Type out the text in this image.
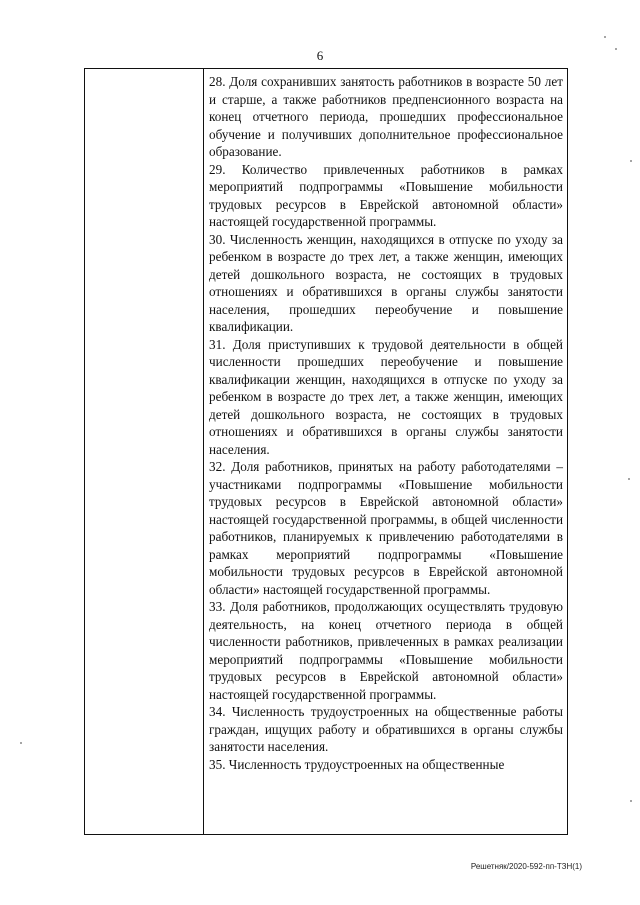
6

28. Доля сохранивших занятость работников в возрасте 50 лет и старше, а также работников предпенсионного возраста на конец отчетного периода, прошедших профессиональное обучение и получивших дополнительное профессиональное образование.

29. Количество привлеченных работников в рамках мероприятий подпрограммы «Повышение мобильности трудовых ресурсов в Еврейской автономной области» настоящей государственной программы.

30. Численность женщин, находящихся в отпуске по уходу за ребенком в возрасте до трех лет, а также женщин, имеющих детей дошкольного возраста, не состоящих в трудовых отношениях и обратившихся в органы службы занятости населения, прошедших переобучение и повышение квалификации.

31. Доля приступивших к трудовой деятельности в общей численности прошедших переобучение и повышение квалификации женщин, находящихся в отпуске по уходу за ребенком в возрасте до трех лет, а также женщин, имеющих детей дошкольного возраста, не состоящих в трудовых отношениях и обратившихся в органы службы занятости населения.

32. Доля работников, принятых на работу работодателями – участниками подпрограммы «Повышение мобильности трудовых ресурсов в Еврейской автономной области» настоящей государственной программы, в общей численности работников, планируемых к привлечению работодателями в рамках мероприятий подпрограммы «Повышение мобильности трудовых ресурсов в Еврейской автономной области» настоящей государственной программы.

33. Доля работников, продолжающих осуществлять трудовую деятельность, на конец отчетного периода в общей численности работников, привлеченных в рамках реализации мероприятий подпрограммы «Повышение мобильности трудовых ресурсов в Еврейской автономной области» настоящей государственной программы.

34. Численность трудоустроенных на общественные работы граждан, ищущих работу и обратившихся в органы службы занятости населения.

35. Численность трудоустроенных на общественные

Решетняк/2020-592-пп-ТЗН(1)
